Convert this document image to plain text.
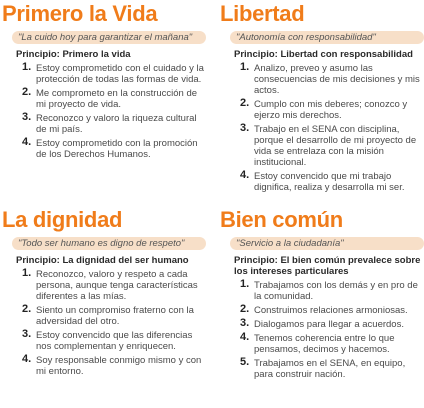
Primero la Vida
"La cuido hoy para garantizar el mañana"
Principio: Primero la vida
1. Estoy comprometido con el cuidado y la protección de todas las formas de vida.
2. Me comprometo en la construcción de mi proyecto de vida.
3. Reconozco y valoro la riqueza cultural de mi país.
4. Estoy comprometido con la promoción de los Derechos Humanos.
Libertad
"Autonomía con responsabilidad"
Principio: Libertad con responsabilidad
1. Analizo, preveo y asumo las consecuencias de mis decisiones y mis actos.
2. Cumplo con mis deberes; conozco y ejerzo mis derechos.
3. Trabajo en el SENA con disciplina, porque el desarrollo de mi proyecto de vida se entrelaza con la misión institucional.
4. Estoy convencido que mi trabajo dignifica, realiza y desarrolla mi ser.
La dignidad
"Todo ser humano es digno de respeto"
Principio: La dignidad del ser humano
1. Reconozco, valoro y respeto a cada persona, aunque tenga características diferentes a las mías.
2. Siento un compromiso fraterno con la adversidad del otro.
3. Estoy convencido que las diferencias nos complementan y enriquecen.
4. Soy responsable conmigo mismo y con mi entorno.
Bien común
"Servicio a la ciudadanía"
Principio: El bien común prevalece sobre los intereses particulares
1. Trabajamos con los demás y en pro de la comunidad.
2. Construimos relaciones armoniosas.
3. Dialogamos para llegar a acuerdos.
4. Tenemos coherencia entre lo que pensamos, decimos y hacemos.
5. Trabajamos en el SENA, en equipo, para construir nación.
